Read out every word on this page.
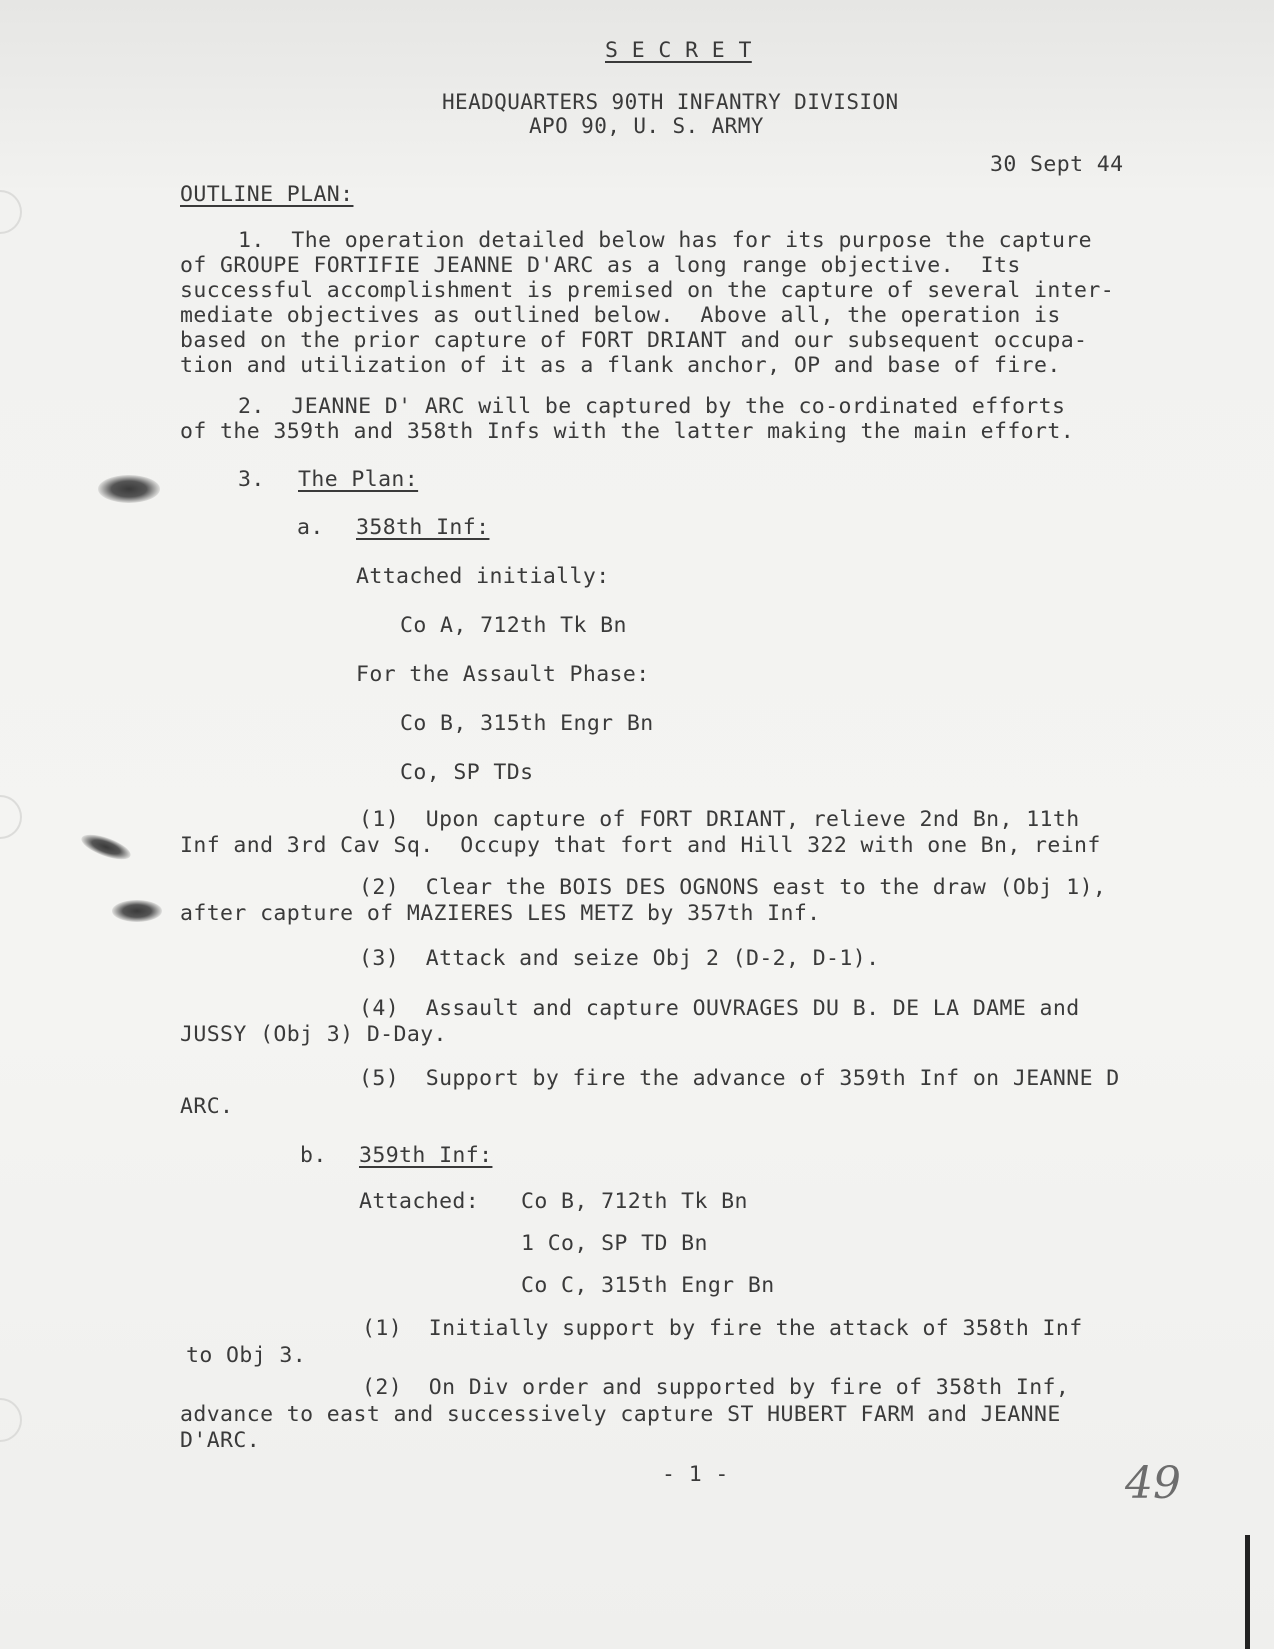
S E C R E T
HEADQUARTERS 90TH INFANTRY DIVISION
APO 90, U. S. ARMY
30 Sept 44
OUTLINE PLAN:
1.  The operation detailed below has for its purpose the capture
of GROUPE FORTIFIE JEANNE D'ARC as a long range objective.  Its
successful accomplishment is premised on the capture of several inter-
mediate objectives as outlined below.  Above all, the operation is
based on the prior capture of FORT DRIANT and our subsequent occupa-
tion and utilization of it as a flank anchor, OP and base of fire.
2.  JEANNE D' ARC will be captured by the co-ordinated efforts
of the 359th and 358th Infs with the latter making the main effort.
3. The Plan:
a. 358th Inf:
Attached initially:
Co A, 712th Tk Bn
For the Assault Phase:
Co B, 315th Engr Bn
Co, SP TDs
(1)  Upon capture of FORT DRIANT, relieve 2nd Bn, 11th
Inf and 3rd Cav Sq.  Occupy that fort and Hill 322 with one Bn, reinf
(2)  Clear the BOIS DES OGNONS east to the draw (Obj 1),
after capture of MAZIERES LES METZ by 357th Inf.
(3)  Attack and seize Obj 2 (D-2, D-1).
(4)  Assault and capture OUVRAGES DU B. DE LA DAME and
JUSSY (Obj 3) D-Day.
(5)  Support by fire the advance of 359th Inf on JEANNE D
ARC.
b. 359th Inf:
Attached: Co B, 712th Tk Bn
1 Co, SP TD Bn
Co C, 315th Engr Bn
(1)  Initially support by fire the attack of 358th Inf
to Obj 3.
(2)  On Div order and supported by fire of 358th Inf,
advance to east and successively capture ST HUBERT FARM and JEANNE
D'ARC.
- 1 -	49
